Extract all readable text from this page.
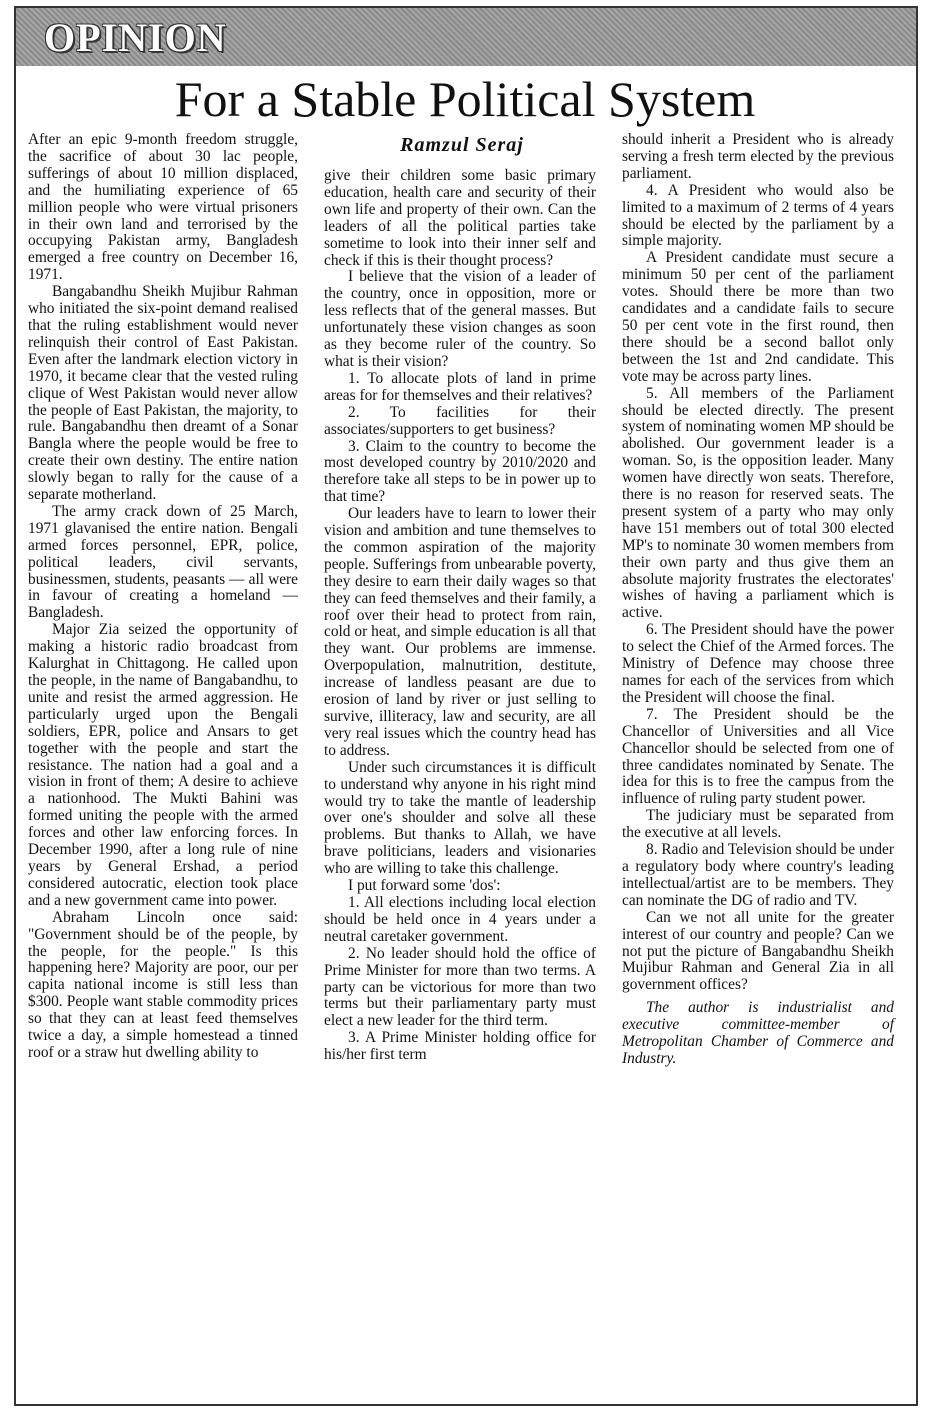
OPINION
For a Stable Political System
Ramzul Seraj

After an epic 9-month freedom struggle, the sacrifice of about 30 lac people, sufferings of about 10 million displaced, and the humiliating experience of 65 million people who were virtual prisoners in their own land and terrorised by the occupying Pakistan army, Bangladesh emerged a free country on December 16, 1971.

Bangabandhu Sheikh Mujibur Rahman who initiated the six-point demand realised that the ruling establishment would never relinquish their control of East Pakistan. Even after the landmark election victory in 1970, it became clear that the vested ruling clique of West Pakistan would never allow the people of East Pakistan, the majority, to rule. Bangabandhu then dreamt of a Sonar Bangla where the people would be free to create their own destiny. The entire nation slowly began to rally for the cause of a separate motherland.

The army crack down of 25 March, 1971 glavanised the entire nation. Bengali armed forces personnel, EPR, police, political leaders, civil servants, businessmen, students, peasants — all were in favour of creating a homeland — Bangladesh.

Major Zia seized the opportunity of making a historic radio broadcast from Kalurghat in Chittagong. He called upon the people, in the name of Bangabandhu, to unite and resist the armed aggression. He particularly urged upon the Bengali soldiers, EPR, police and Ansars to get together with the people and start the resistance. The nation had a goal and a vision in front of them; A desire to achieve a nationhood. The Mukti Bahini was formed uniting the people with the armed forces and other law enforcing forces. In December 1990, after a long rule of nine years by General Ershad, a period considered autocratic, election took place and a new government came into power.

Abraham Lincoln once said: "Government should be of the people, by the people, for the people." Is this happening here? Majority are poor, our per capita national income is still less than $300. People want stable commodity prices so that they can at least feed themselves twice a day, a simple homestead a tinned roof or a straw hut dwelling ability to

give their children some basic primary education, health care and security of their own life and property of their own. Can the leaders of all the political parties take sometime to look into their inner self and check if this is their thought process?

I believe that the vision of a leader of the country, once in opposition, more or less reflects that of the general masses. But unfortunately these vision changes as soon as they become ruler of the country. So what is their vision?

1. To allocate plots of land in prime areas for for themselves and their relatives?

2. To facilities for their associates/supporters to get business?

3. Claim to the country to become the most developed country by 2010/2020 and therefore take all steps to be in power up to that time?

Our leaders have to learn to lower their vision and ambition and tune themselves to the common aspiration of the majority people. Sufferings from unbearable poverty, they desire to earn their daily wages so that they can feed themselves and their family, a roof over their head to protect from rain, cold or heat, and simple education is all that they want. Our problems are immense. Overpopulation, malnutrition, destitute, increase of landless peasant are due to erosion of land by river or just selling to survive, illiteracy, law and security, are all very real issues which the country head has to address.

Under such circumstances it is difficult to understand why anyone in his right mind would try to take the mantle of leadership over one's shoulder and solve all these problems. But thanks to Allah, we have brave politicians, leaders and visionaries who are willing to take this challenge.

I put forward some 'dos':

1. All elections including local election should be held once in 4 years under a neutral caretaker government.

2. No leader should hold the office of Prime Minister for more than two terms. A party can be victorious for more than two terms but their parliamentary party must elect a new leader for the third term.

3. A Prime Minister holding office for his/her first term

should inherit a President who is already serving a fresh term elected by the previous parliament.

4. A President who would also be limited to a maximum of 2 terms of 4 years should be elected by the parliament by a simple majority.

A President candidate must secure a minimum 50 per cent of the parliament votes. Should there be more than two candidates and a candidate fails to secure 50 per cent vote in the first round, then there should be a second ballot only between the 1st and 2nd candidate. This vote may be across party lines.

5. All members of the Parliament should be elected directly. The present system of nominating women MP should be abolished. Our government leader is a woman. So, is the opposition leader. Many women have directly won seats. Therefore, there is no reason for reserved seats. The present system of a party who may only have 151 members out of total 300 elected MP's to nominate 30 women members from their own party and thus give them an absolute majority frustrates the electorates' wishes of having a parliament which is active.

6. The President should have the power to select the Chief of the Armed forces. The Ministry of Defence may choose three names for each of the services from which the President will choose the final.

7. The President should be the Chancellor of Universities and all Vice Chancellor should be selected from one of three candidates nominated by Senate. The idea for this is to free the campus from the influence of ruling party student power.

The judiciary must be separated from the executive at all levels.

8. Radio and Television should be under a regulatory body where country's leading intellectual/artist are to be members. They can nominate the DG of radio and TV.

Can we not all unite for the greater interest of our country and people? Can we not put the picture of Bangabandhu Sheikh Mujibur Rahman and General Zia in all government offices?

The author is industrialist and executive committee-member of Metropolitan Chamber of Commerce and Industry.
